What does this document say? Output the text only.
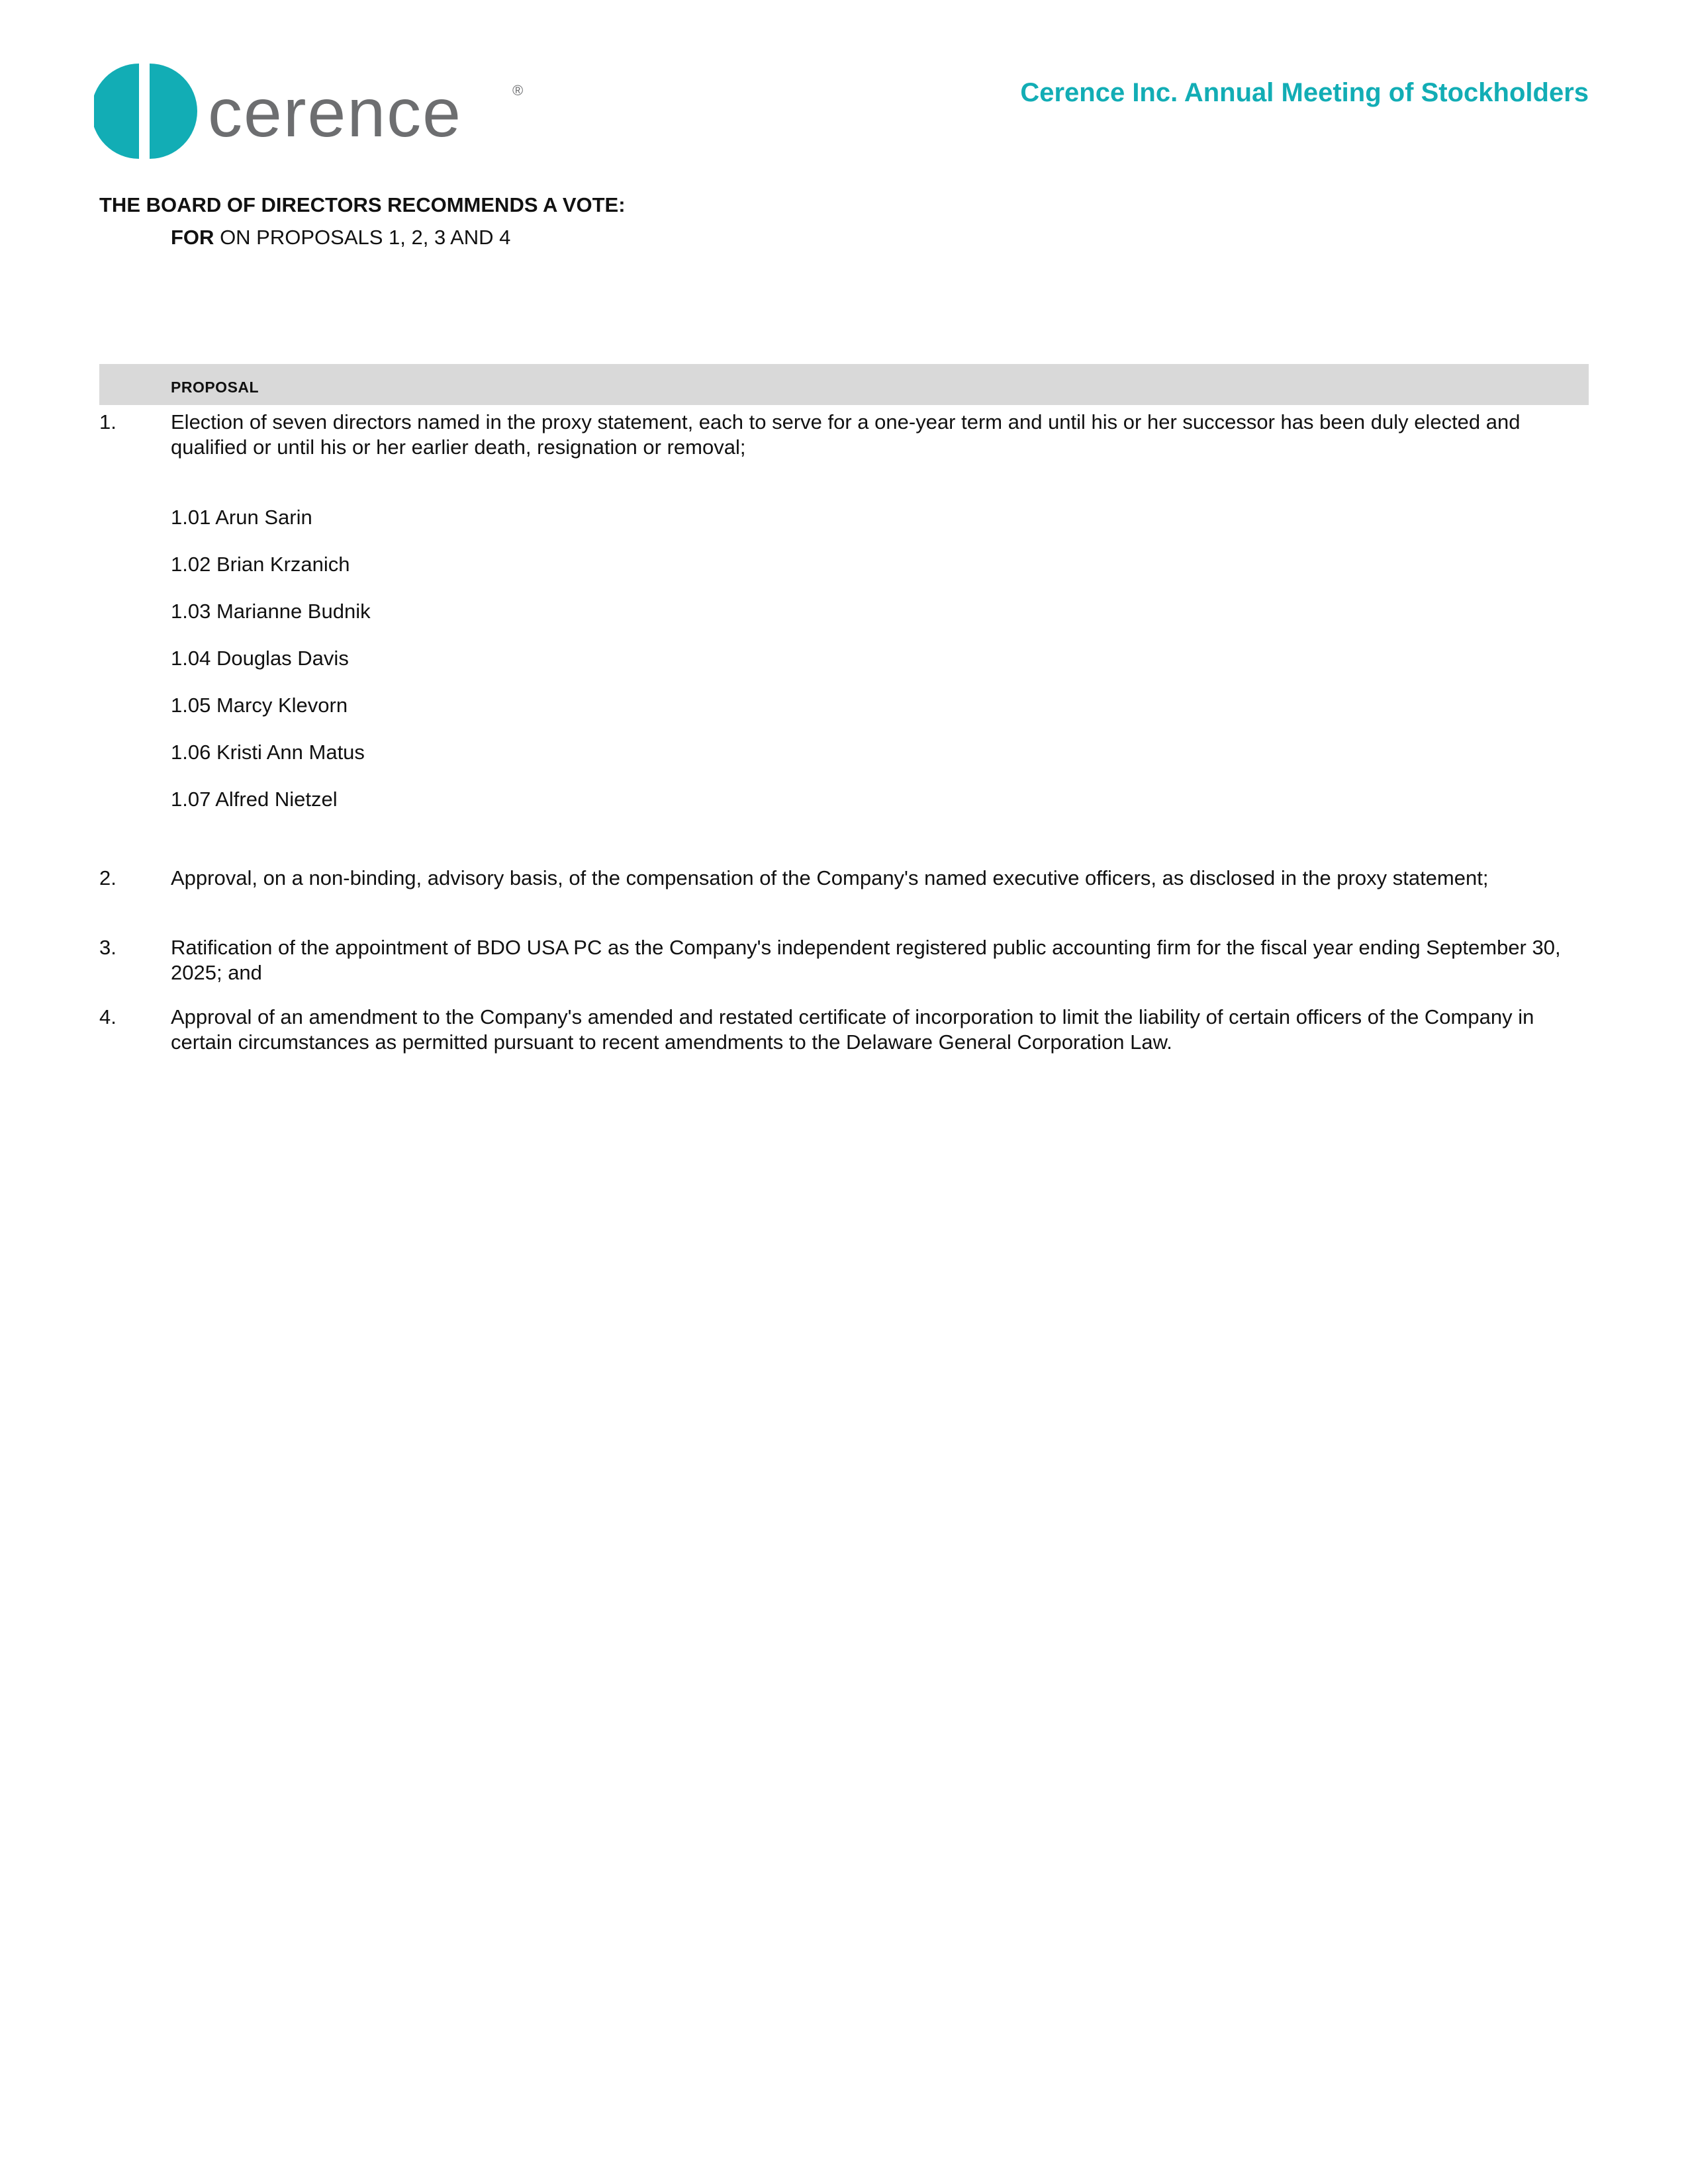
cerence	®	Cerence Inc. Annual Meeting of Stockholders
THE BOARD OF DIRECTORS RECOMMENDS A VOTE:
FOR ON PROPOSALS 1, 2, 3 AND 4
PROPOSAL
1.	Election of seven directors named in the proxy statement, each to serve for a one-year term and until his or her successor has been duly elected and qualified or until his or her earlier death, resignation or removal;
1.01 Arun Sarin
1.02 Brian Krzanich
1.03 Marianne Budnik
1.04 Douglas Davis
1.05 Marcy Klevorn
1.06 Kristi Ann Matus
1.07 Alfred Nietzel
2.	Approval, on a non-binding, advisory basis, of the compensation of the Company's named executive officers, as disclosed in the proxy statement;
3.	Ratification of the appointment of BDO USA PC as the Company's independent registered public accounting firm for the fiscal year ending September 30, 2025; and
4.	Approval of an amendment to the Company's amended and restated certificate of incorporation to limit the liability of certain officers of the Company in certain circumstances as permitted pursuant to recent amendments to the Delaware General Corporation Law.
